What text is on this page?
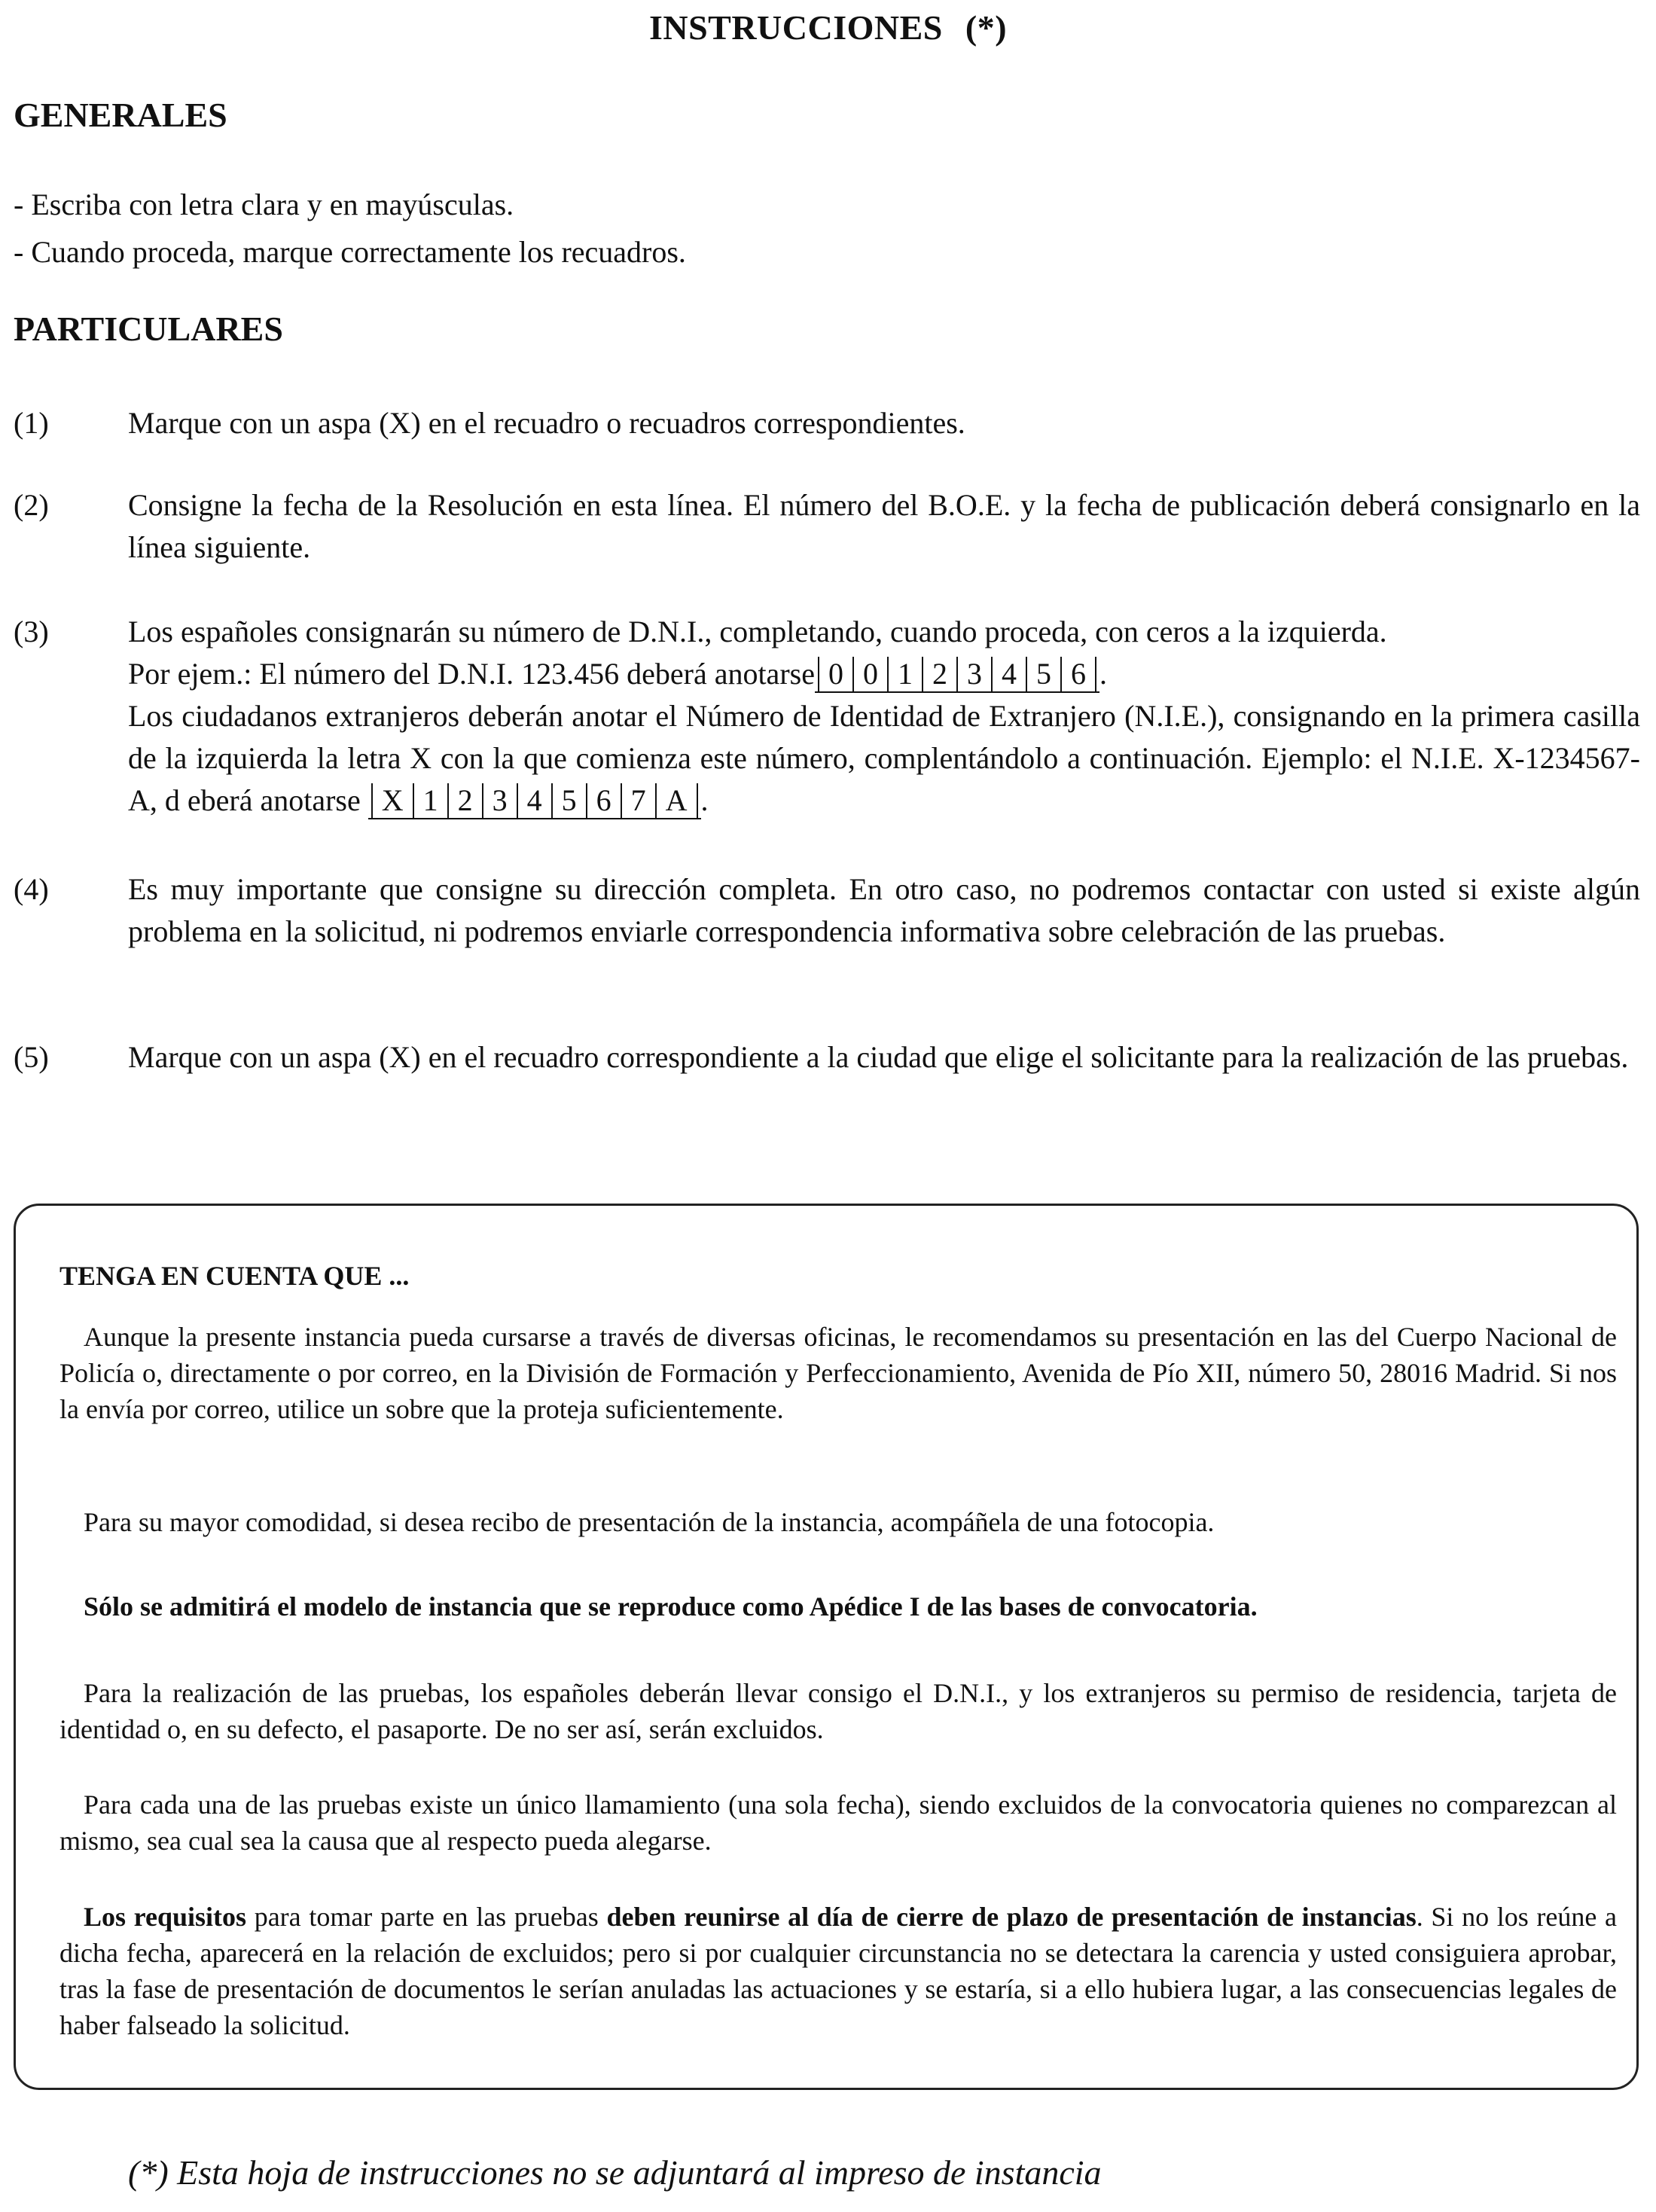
INSTRUCCIONES (*)
GENERALES
- Escriba con letra clara y en mayúsculas.
- Cuando proceda, marque correctamente los recuadros.
PARTICULARES
(1)	Marque con un aspa (X) en el recuadro o recuadros correspondientes.
(2)	Consigne la fecha de la Resolución en esta línea. El número del B.O.E. y la fecha de publicación deberá consignarlo en la línea siguiente.
(3)	Los españoles consignarán su número de D.N.I., completando, cuando proceda, con ceros a la izquierda.
Por ejem.: El número del D.N.I. 123.456 deberá anotarse 0 0 1 2 3 4 5 6 .
Los ciudadanos extranjeros deberán anotar el Número de Identidad de Extranjero (N.I.E.), consignando en la primera casilla de la izquierda la letra X con la que comienza este número, complentándolo a continuación. Ejemplo: el N.I.E. X-1234567-A, d eberá anotarse X 1 2 3 4 5 6 7 A .
(4)	Es muy importante que consigne su dirección completa. En otro caso, no podremos contactar con usted si existe algún problema en la solicitud, ni podremos enviarle correspondencia informativa sobre celebración de las pruebas.
(5)	Marque con un aspa (X) en el recuadro correspondiente a la ciudad que elige el solicitante para la realización de las pruebas.
TENGA EN CUENTA QUE ...

Aunque la presente instancia pueda cursarse a través de diversas oficinas, le recomendamos su presentación en las del Cuerpo Nacional de Policía o, directamente o por correo, en la División de Formación y Perfeccionamiento, Avenida de Pío XII, número 50, 28016 Madrid. Si nos la envía por correo, utilice un sobre que la proteja suficientemente.

Para su mayor comodidad, si desea recibo de presentación de la instancia, acompáñela de una fotocopia.

Sólo se admitirá el modelo de instancia que se reproduce como Apédice I de las bases de convocatoria.

Para la realización de las pruebas, los españoles deberán llevar consigo el D.N.I., y los extranjeros su permiso de residencia, tarjeta de identidad o, en su defecto, el pasaporte. De no ser así, serán excluidos.

Para cada una de las pruebas existe un único llamamiento (una sola fecha), siendo excluidos de la convocatoria quienes no comparezcan al mismo, sea cual sea la causa que al respecto pueda alegarse.

Los requisitos para tomar parte en las pruebas deben reunirse al día de cierre de plazo de presentación de instancias. Si no los reúne a dicha fecha, aparecerá en la relación de excluidos; pero si por cualquier circunstancia no se detectara la carencia y usted consiguiera aprobar, tras la fase de presentación de documentos le serían anuladas las actuaciones y se estaría, si a ello hubiera lugar, a las consecuencias legales de haber falseado la solicitud.

(*) Esta hoja de instrucciones no se adjuntará al impreso de instancia
